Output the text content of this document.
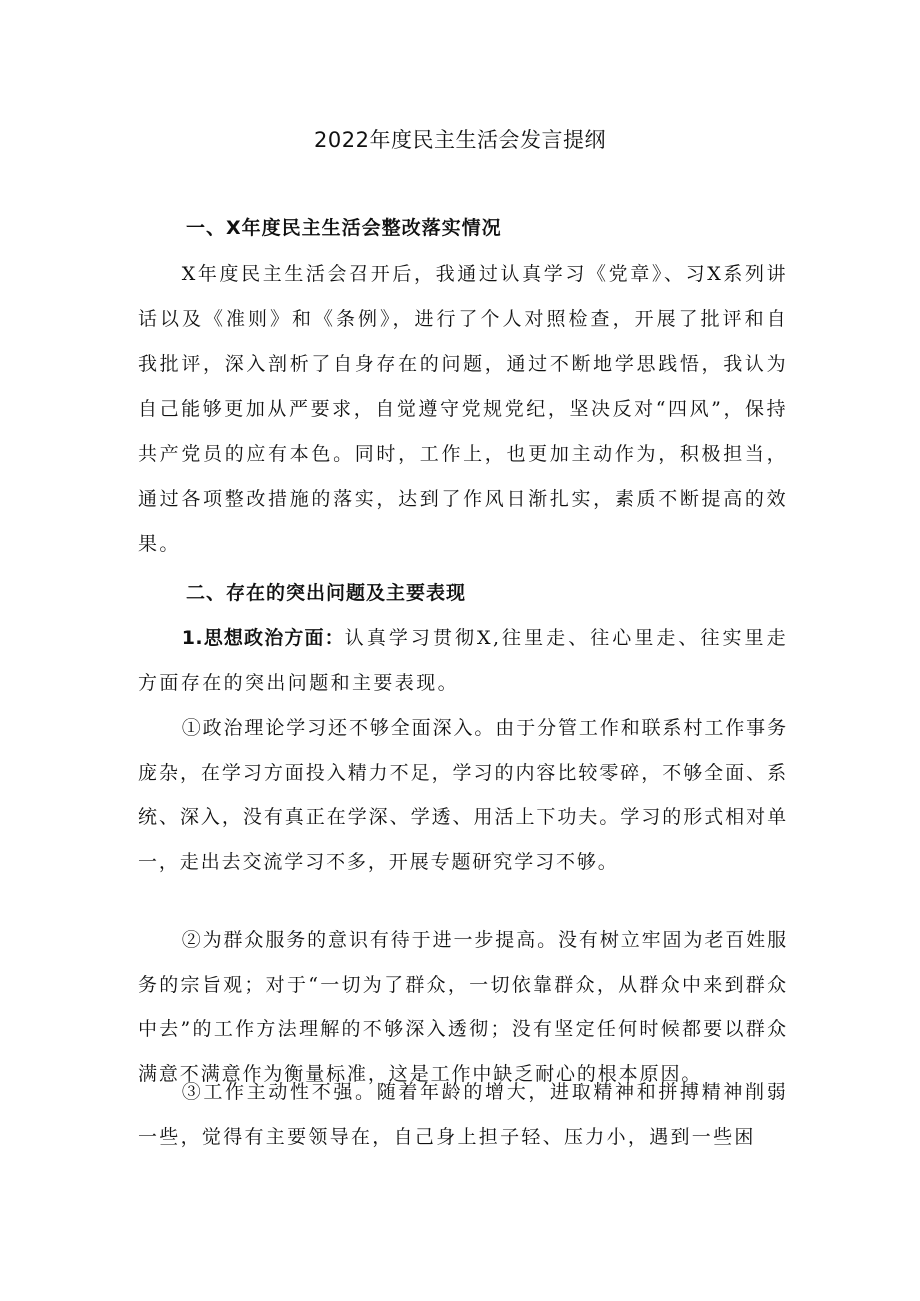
2022年度民主生活会发言提纲
一、X年度民主生活会整改落实情况

X年度民主生活会召开后，我通过认真学习《党章》、习X系列讲话以及《准则》和《条例》，进行了个人对照检查，开展了批评和自我批评，深入剖析了自身存在的问题，通过不断地学思践悟，我认为自己能够更加从严要求，自觉遵守党规党纪，坚决反对“四风”，保持共产党员的应有本色。同时，工作上，也更加主动作为，积极担当，通过各项整改措施的落实，达到了作风日渐扎实，素质不断提高的效果。

二、存在的突出问题及主要表现

1.思想政治方面：认真学习贯彻X,往里走、往心里走、往实里走方面存在的突出问题和主要表现。

①政治理论学习还不够全面深入。由于分管工作和联系村工作事务庞杂，在学习方面投入精力不足，学习的内容比较零碎，不够全面、系统、深入，没有真正在学深、学透、用活上下功夫。学习的形式相对单一，走出去交流学习不多，开展专题研究学习不够。

②为群众服务的意识有待于进一步提高。没有树立牢固为老百姓服务的宗旨观；对于“一切为了群众，一切依靠群众，从群众中来到群众中去”的工作方法理解的不够深入透彻；没有坚定任何时候都要以群众满意不满意作为衡量标准，这是工作中缺乏耐心的根本原因。

③工作主动性不强。随着年龄的增大，进取精神和拼搏精神削弱一些，觉得有主要领导在，自己身上担子轻、压力小，遇到一些困
